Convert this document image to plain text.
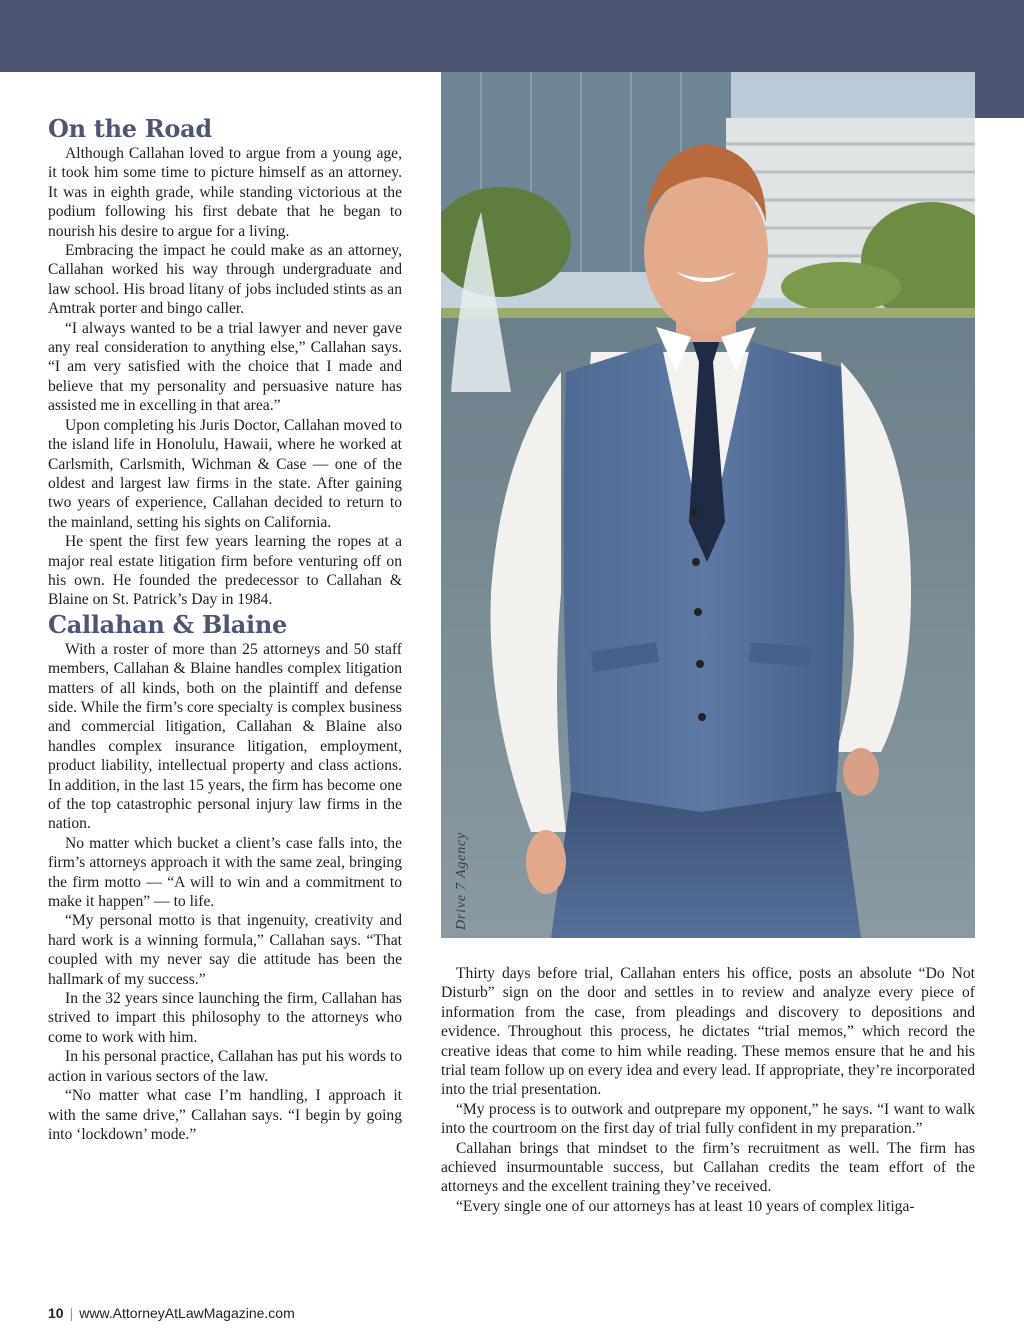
On the Road

Although Callahan loved to argue from a young age, it took him some time to picture himself as an attorney. It was in eighth grade, while standing victorious at the podium following his first debate that he began to nourish his desire to argue for a living.

Embracing the impact he could make as an attorney, Callahan worked his way through undergraduate and law school. His broad litany of jobs included stints as an Amtrak porter and bingo caller.

“I always wanted to be a trial lawyer and never gave any real consideration to anything else,” Callahan says. “I am very satisfied with the choice that I made and believe that my personality and persuasive nature has assisted me in excelling in that area.”

Upon completing his Juris Doctor, Callahan moved to the island life in Honolulu, Hawaii, where he worked at Carlsmith, Carlsmith, Wichman & Case — one of the oldest and largest law firms in the state. After gaining two years of experience, Callahan decided to return to the mainland, setting his sights on California.

He spent the first few years learning the ropes at a major real estate litigation firm before venturing off on his own. He founded the predecessor to Callahan & Blaine on St. Patrick’s Day in 1984.

Callahan & Blaine

With a roster of more than 25 attorneys and 50 staff members, Callahan & Blaine handles complex litigation matters of all kinds, both on the plaintiff and defense side. While the firm’s core specialty is complex business and commercial litigation, Callahan & Blaine also handles complex insurance litigation, employment, product liability, intellectual property and class actions. In addition, in the last 15 years, the firm has become one of the top catastrophic personal injury law firms in the nation.

No matter which bucket a client’s case falls into, the firm’s attorneys approach it with the same zeal, bringing the firm motto — “A will to win and a commitment to make it happen” — to life.

“My personal motto is that ingenuity, creativity and hard work is a winning formula,” Callahan says. “That coupled with my never say die attitude has been the hallmark of my success.”

In the 32 years since launching the firm, Callahan has strived to impart this philosophy to the attorneys who come to work with him.

In his personal practice, Callahan has put his words to action in various sectors of the law.

“No matter what case I’m handling, I approach it with the same drive,” Callahan says. “I begin by going into ‘lockdown’ mode.”

Drive 7 Agency

Thirty days before trial, Callahan enters his office, posts an absolute “Do Not Disturb” sign on the door and settles in to review and analyze every piece of information from the case, from pleadings and discovery to depositions and evidence. Throughout this process, he dictates “trial memos,” which record the creative ideas that come to him while reading. These memos ensure that he and his trial team follow up on every idea and every lead. If appropriate, they’re incorporated into the trial presentation.

“My process is to outwork and outprepare my opponent,” he says. “I want to walk into the courtroom on the first day of trial fully confident in my preparation.”

Callahan brings that mindset to the firm’s recruitment as well. The firm has achieved insurmountable success, but Callahan credits the team effort of the attorneys and the excellent training they’ve received.

“Every single one of our attorneys has at least 10 years of complex litiga-

10 | www.AttorneyAtLawMagazine.com
